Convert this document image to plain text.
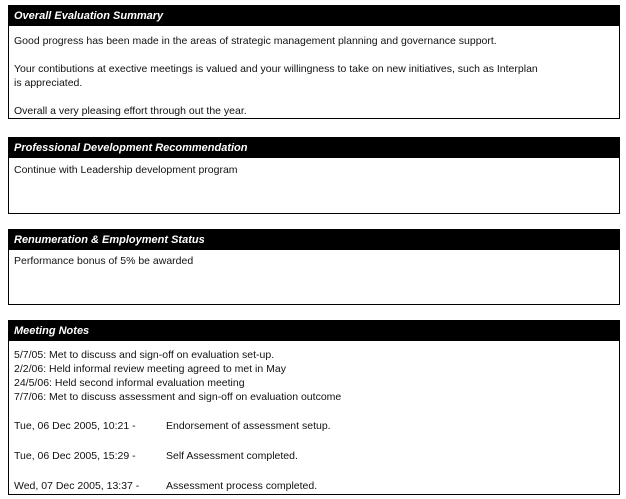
Overall Evaluation Summary
Good progress has been made in the areas of strategic management planning and governance support.
Your contibutions at exective meetings is valued and your willingness to take on new initiatives, such as Interplan
is appreciated.
Overall a very pleasing effort through out the year.
Professional Development Recommendation
Continue with Leadership development program
Renumeration & Employment Status
Performance bonus of 5% be awarded
Meeting Notes
5/7/05: Met to discuss and sign-off on evaluation set-up.
2/2/06: Held informal review meeting agreed to met in May
24/5/06: Held second informal evaluation meeting
7/7/06: Met to discuss assessment and sign-off on evaluation outcome
Tue, 06 Dec 2005, 10:21 -	Endorsement of assessment setup.
Tue, 06 Dec 2005, 15:29 -	Self Assessment completed.
Wed, 07 Dec 2005, 13:37 -	Assessment process completed.
